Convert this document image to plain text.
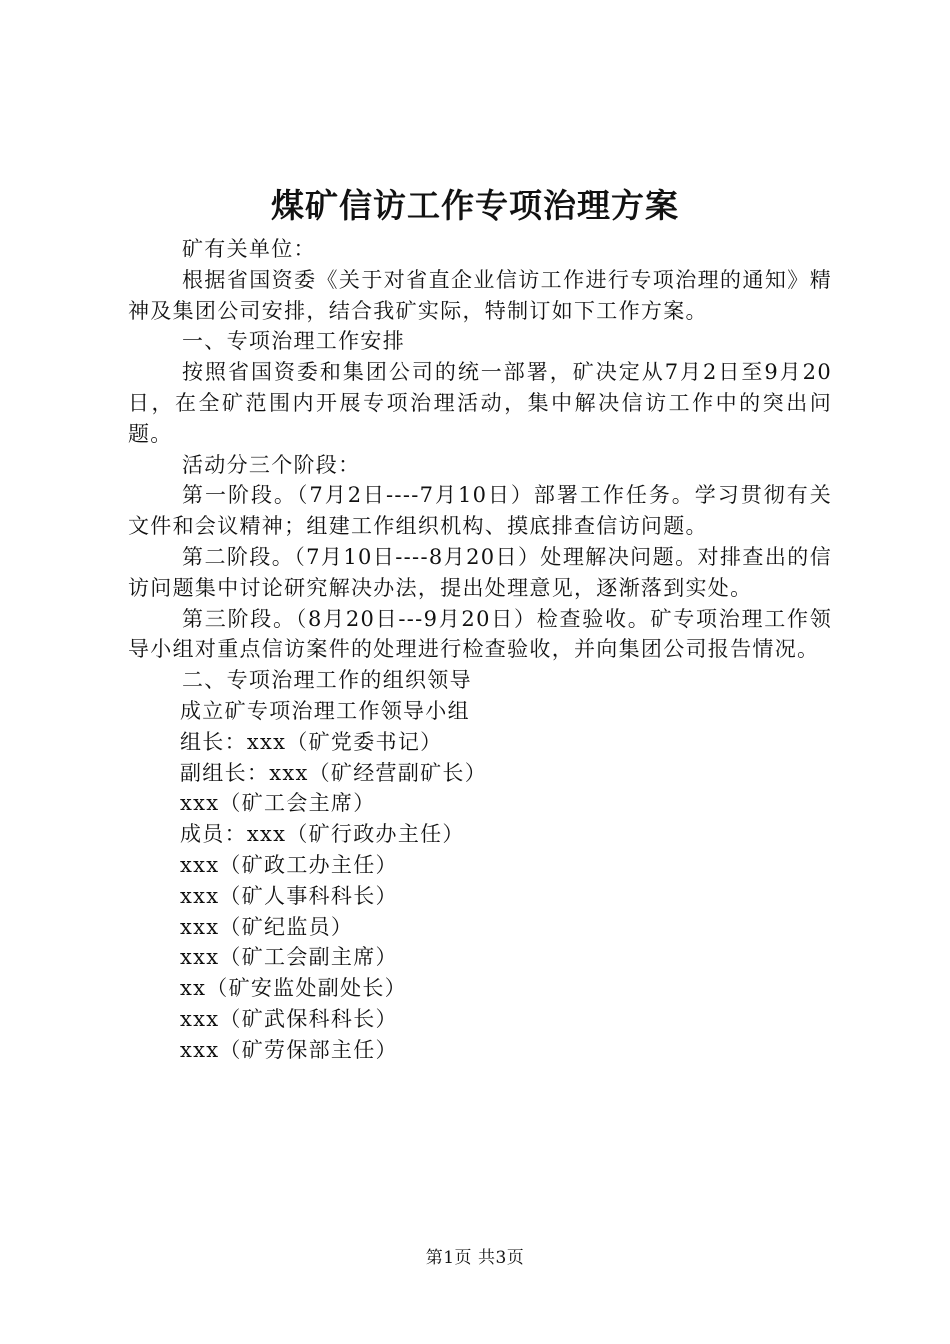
煤矿信访工作专项治理方案

矿有关单位：

根据省国资委《关于对省直企业信访工作进行专项治理的通知》精神及集团公司安排，结合我矿实际，特制订如下工作方案。

一、专项治理工作安排

按照省国资委和集团公司的统一部署，矿决定从7月2日至9月20日，在全矿范围内开展专项治理活动，集中解决信访工作中的突出问题。

活动分三个阶段：

第一阶段。（7月2日----7月10日）部署工作任务。学习贯彻有关文件和会议精神；组建工作组织机构、摸底排查信访问题。

第二阶段。（7月10日----8月20日）处理解决问题。对排查出的信访问题集中讨论研究解决办法，提出处理意见，逐渐落到实处。

第三阶段。（8月20日---9月20日）检查验收。矿专项治理工作领导小组对重点信访案件的处理进行检查验收，并向集团公司报告情况。

二、专项治理工作的组织领导

成立矿专项治理工作领导小组

组长：xxx（矿党委书记）

副组长：xxx（矿经营副矿长）

xxx（矿工会主席）

成员：xxx（矿行政办主任）

xxx（矿政工办主任）

xxx（矿人事科科长）

xxx（矿纪监员）

xxx（矿工会副主席）

xx（矿安监处副处长）

xxx（矿武保科科长）

xxx（矿劳保部主任）

第1页 共3页
